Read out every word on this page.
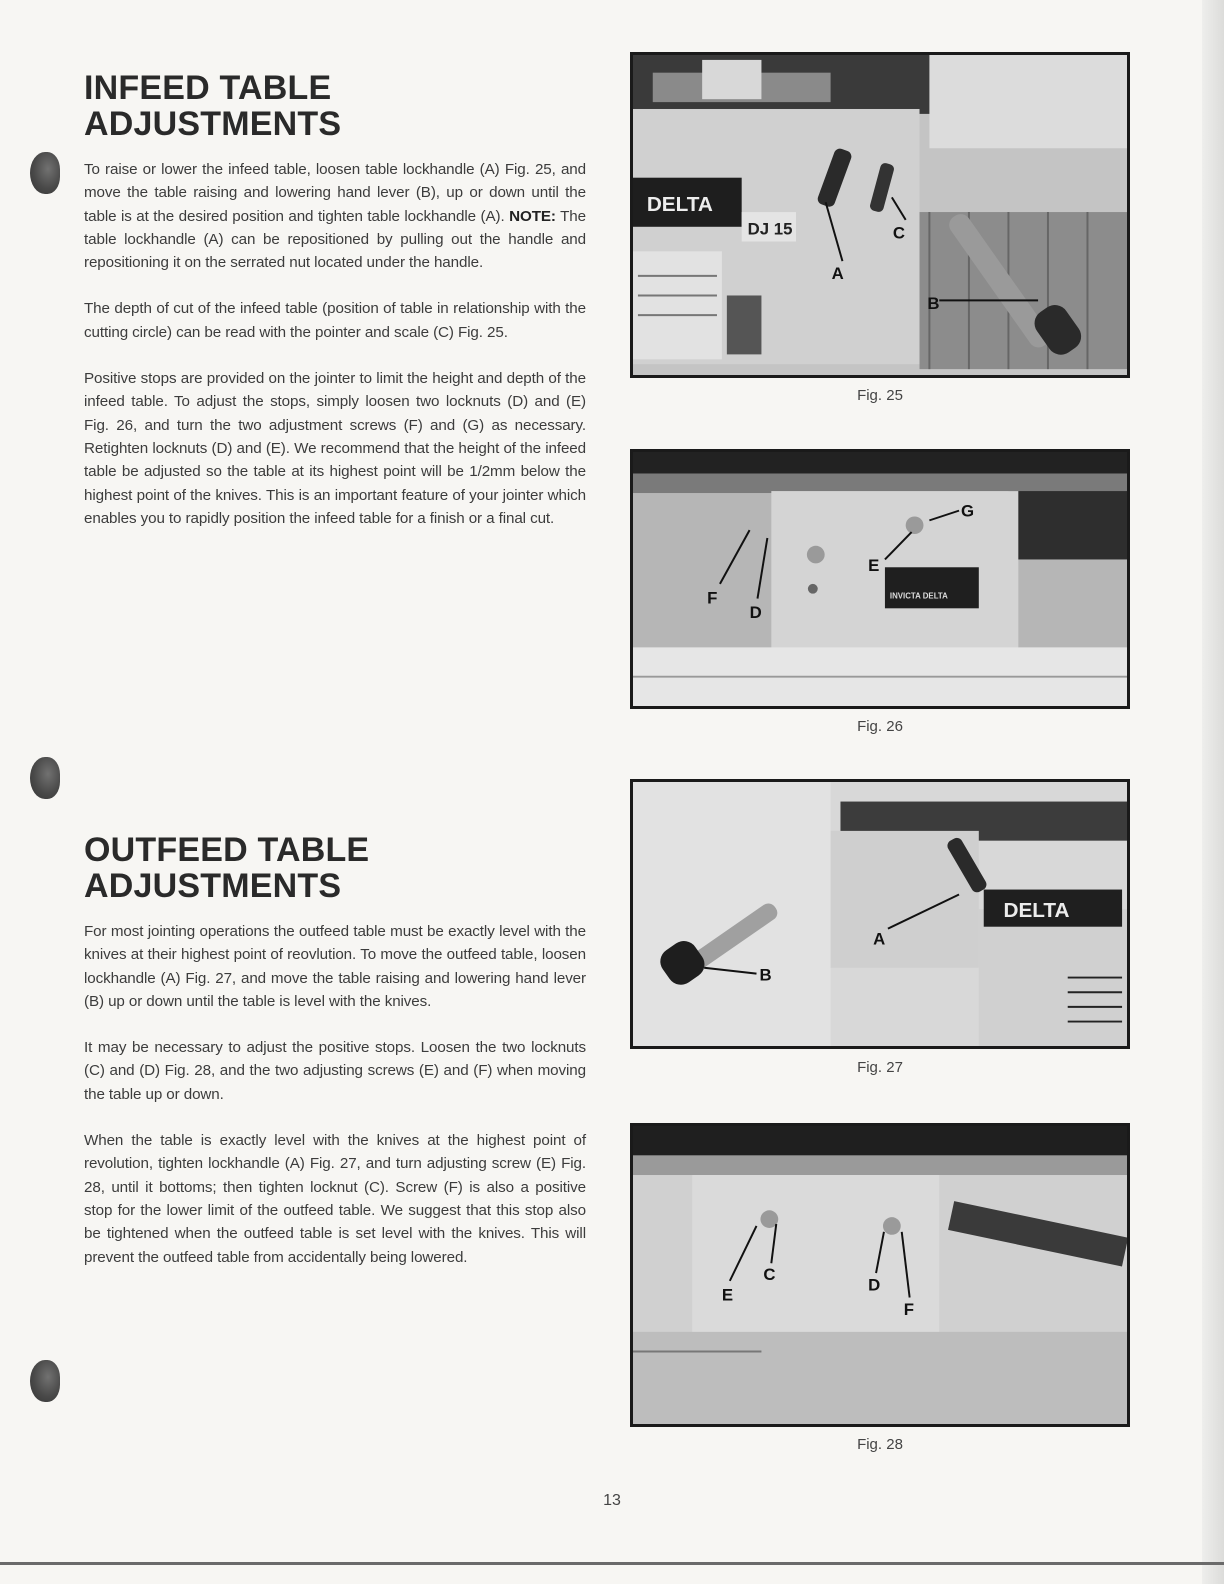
INFEED TABLE
ADJUSTMENTS

To raise or lower the infeed table, loosen table lockhandle (A) Fig. 25, and move the table raising and lowering hand lever (B), up or down until the table is at the desired position and tighten table lockhandle (A). NOTE: The table lockhandle (A) can be repositioned by pulling out the handle and repositioning it on the serrated nut located under the handle.

The depth of cut of the infeed table (position of table in relationship with the cutting circle) can be read with the pointer and scale (C) Fig. 25.

Positive stops are provided on the jointer to limit the height and depth of the infeed table. To adjust the stops, simply loosen two locknuts (D) and (E) Fig. 26, and turn the two adjustment screws (F) and (G) as necessary. Retighten locknuts (D) and (E). We recommend that the height of the infeed table be adjusted so the table at its highest point will be 1/2mm below the highest point of the knives. This is an important feature of your jointer which enables you to rapidly position the infeed table for a finish or a final cut.

OUTFEED TABLE
ADJUSTMENTS

For most jointing operations the outfeed table must be exactly level with the knives at their highest point of reovlution. To move the outfeed table, loosen lockhandle (A) Fig. 27, and move the table raising and lowering hand lever (B) up or down until the table is level with the knives.

It may be necessary to adjust the positive stops. Loosen the two locknuts (C) and (D) Fig. 28, and the two adjusting screws (E) and (F) when moving the table up or down.

When the table is exactly level with the knives at the highest point of revolution, tighten lockhandle (A) Fig. 27, and turn adjusting screw (E) Fig. 28, until it bottoms; then tighten locknut (C). Screw (F) is also a positive stop for the lower limit of the outfeed table. We suggest that this stop also be tightened when the outfeed table is set level with the knives. This will prevent the outfeed table from accidentally being lowered.

DELTA
DJ 15	C
A
B
Fig. 25
INVICTA DELTA
G
E
F
D
Fig. 26
DELTA
B
A
Fig. 27
E
C
D
F
Fig. 28
13
